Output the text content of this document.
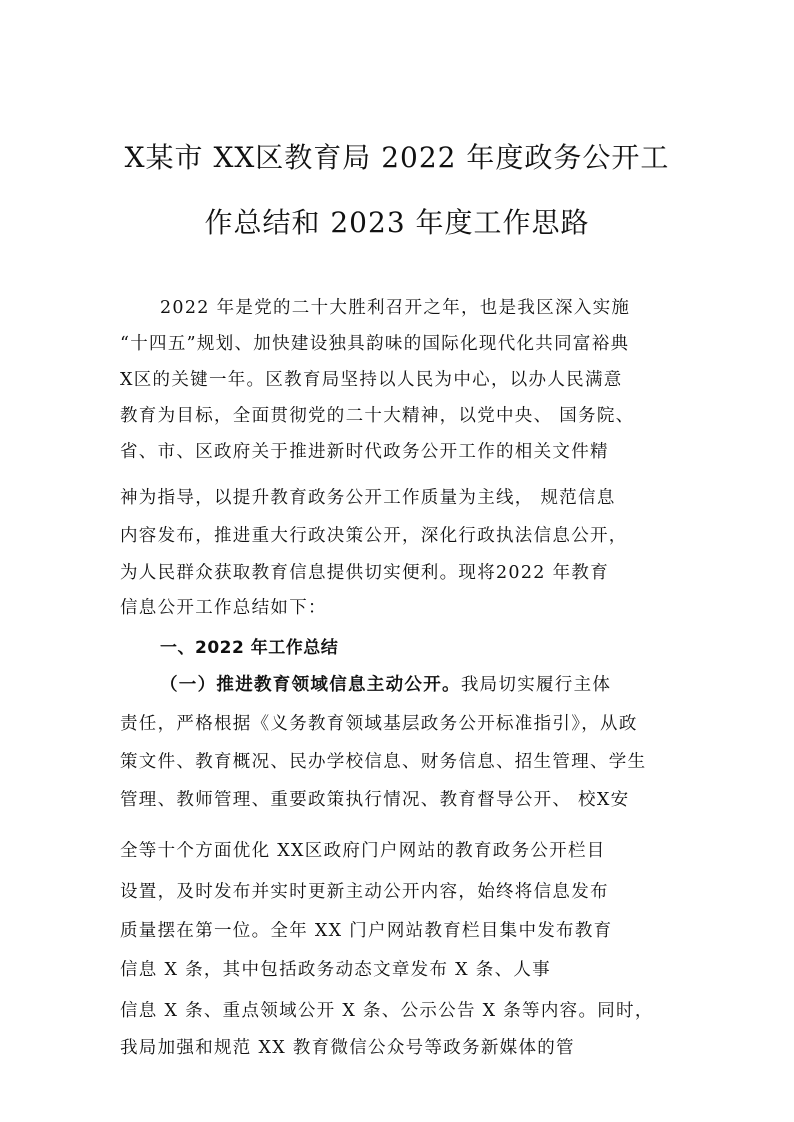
X某市 XX区教育局 2022 年度政务公开工
作总结和 2023 年度工作思路
2022 年是党的二十大胜利召开之年，也是我区深入实施
“十四五”规划、加快建设独具韵味的国际化现代化共同富裕典
X区的关键一年。区教育局坚持以人民为中心，以办人民满意
教育为目标，全面贯彻党的二十大精神，以党中央、 国务院、
省、市、区政府关于推进新时代政务公开工作的相关文件精
神为指导，以提升教育政务公开工作质量为主线， 规范信息
内容发布，推进重大行政决策公开，深化行政执法信息公开，
为人民群众获取教育信息提供切实便利。现将2022 年教育
信息公开工作总结如下：
一、2022 年工作总结
（一）推进教育领域信息主动公开。我局切实履行主体
责任，严格根据《义务教育领域基层政务公开标准指引》，从政
策文件、教育概况、民办学校信息、财务信息、招生管理、学生
管理、教师管理、重要政策执行情况、教育督导公开、 校X安
全等十个方面优化 XX区政府门户网站的教育政务公开栏目
设置，及时发布并实时更新主动公开内容，始终将信息发布
质量摆在第一位。全年 XX 门户网站教育栏目集中发布教育
信息 X 条，其中包括政务动态文章发布 X 条、人事
信息 X 条、重点领域公开 X 条、公示公告 X 条等内容。同时，
我局加强和规范 XX 教育微信公众号等政务新媒体的管
